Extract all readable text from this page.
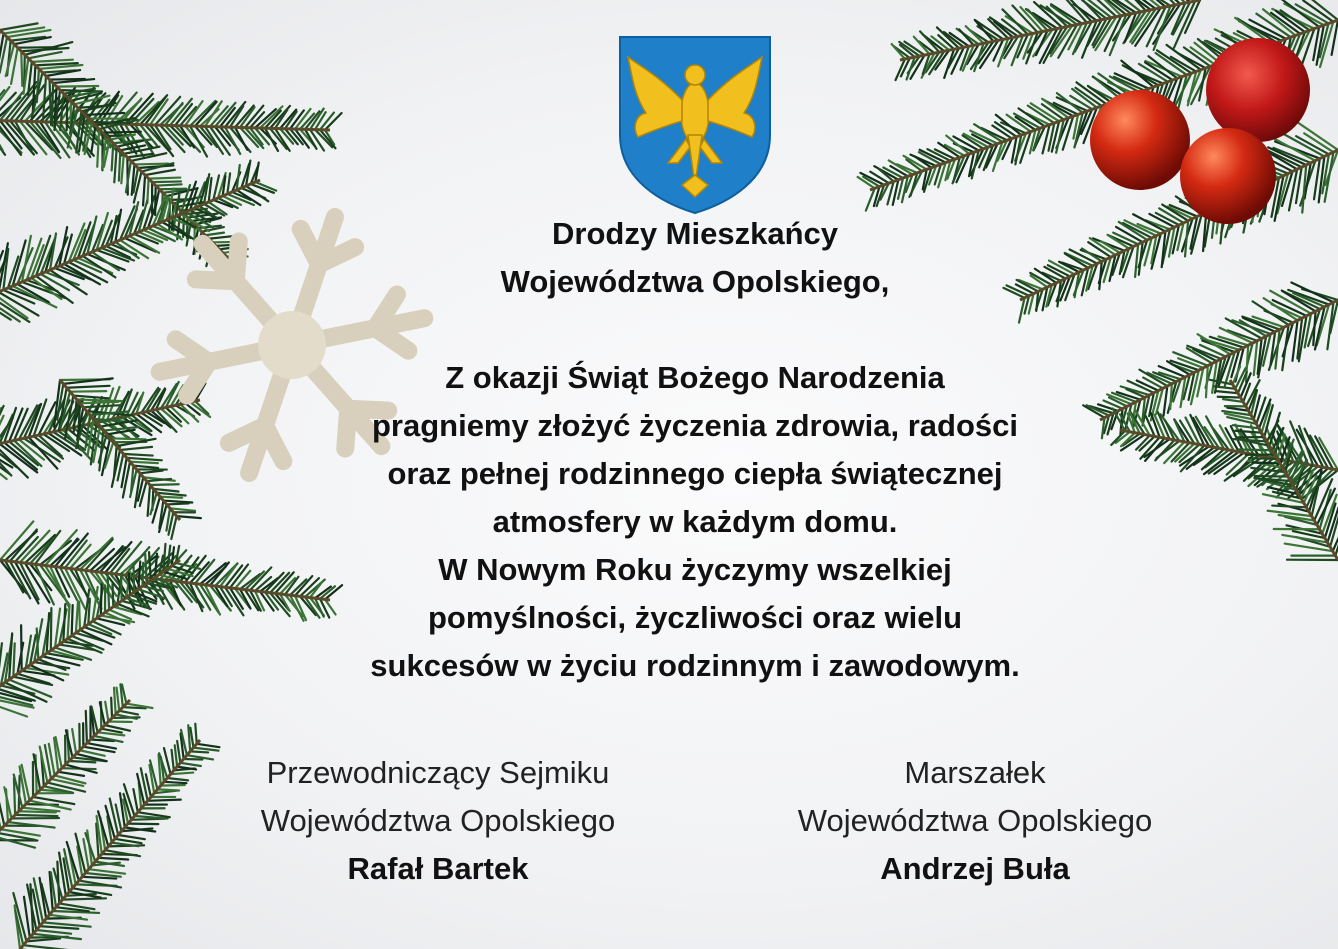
Drodzy Mieszkańcy
Województwa Opolskiego,
Z okazji Świąt Bożego Narodzenia
pragniemy złożyć życzenia zdrowia, radości
oraz pełnej rodzinnego ciepła świątecznej
atmosfery w każdym domu.
W Nowym Roku życzymy wszelkiej
pomyślności, życzliwości oraz wielu
sukcesów w życiu rodzinnym i zawodowym.
Przewodniczący Sejmiku
Województwa Opolskiego
Rafał Bartek
Marszałek
Województwa Opolskiego
Andrzej Buła
